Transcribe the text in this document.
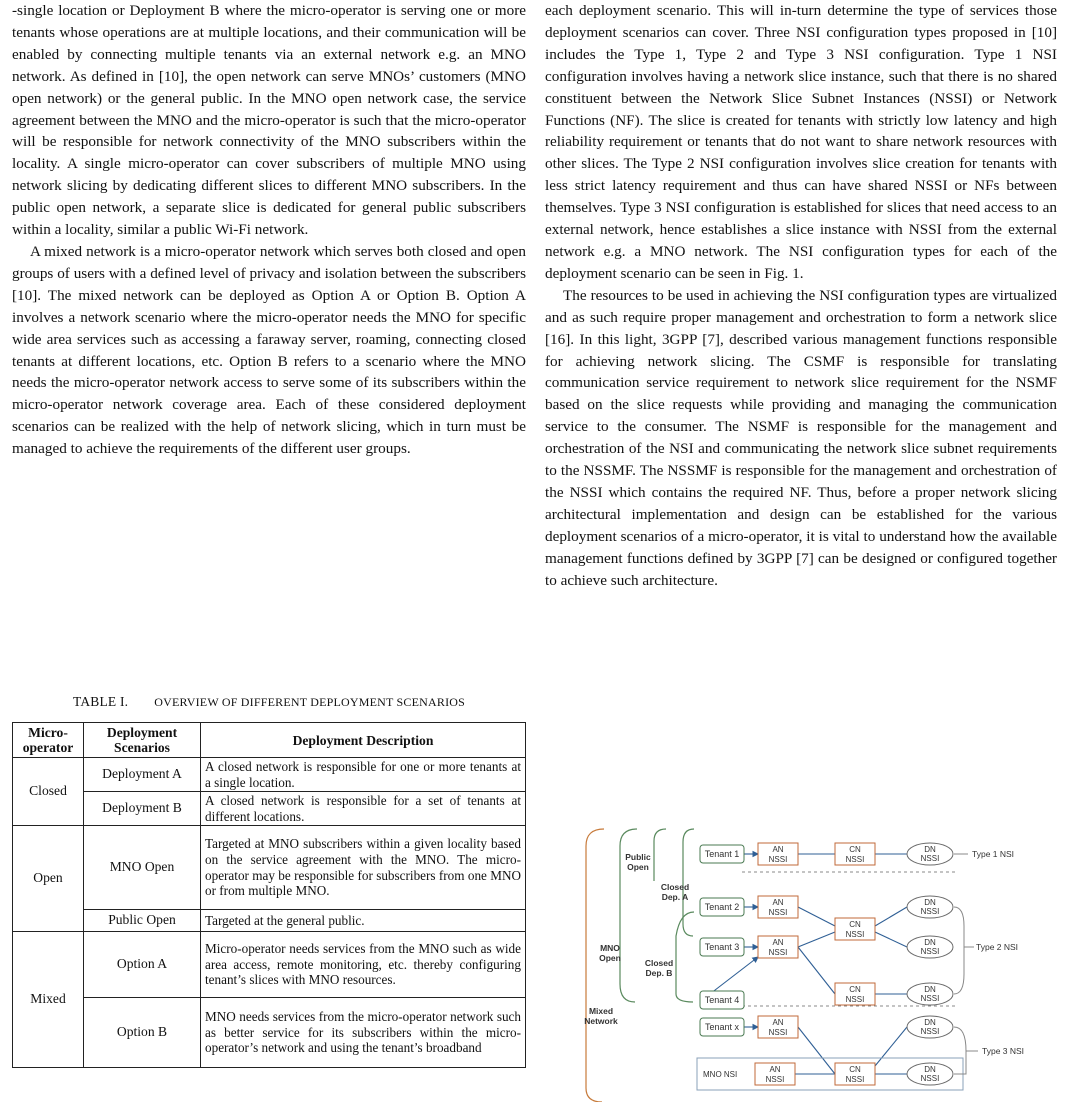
-single location or Deployment B where the micro-operator is serving one or more tenants whose operations are at multiple locations, and their communication will be enabled by connecting multiple tenants via an external network e.g. an MNO network. As defined in [10], the open network can serve MNOs’ customers (MNO open network) or the general public. In the MNO open network case, the service agreement between the MNO and the micro-operator is such that the micro-operator will be responsible for network connectivity of the MNO subscribers within the locality. A single micro-operator can cover subscribers of multiple MNO using network slicing by dedicating different slices to different MNO subscribers. In the public open network, a separate slice is dedicated for general public subscribers within a locality, similar a public Wi-Fi network.

A mixed network is a micro-operator network which serves both closed and open groups of users with a defined level of privacy and isolation between the subscribers [10]. The mixed network can be deployed as Option A or Option B. Option A involves a network scenario where the micro-operator needs the MNO for specific wide area services such as accessing a faraway server, roaming, connecting closed tenants at different locations, etc. Option B refers to a scenario where the MNO needs the micro-operator network access to serve some of its subscribers within the micro-operator network coverage area. Each of these considered deployment scenarios can be realized with the help of network slicing, which in turn must be managed to achieve the requirements of the different user groups.

TABLE I. OVERVIEW OF DIFFERENT DEPLOYMENT SCENARIOS
Micro-operator	Deployment Scenarios	Deployment Description
Closed	Deployment A	A closed network is responsible for one or more tenants at a single location.
	Deployment B	A closed network is responsible for a set of tenants at different locations.
Open	MNO Open	Targeted at MNO subscribers within a given locality based on the service agreement with the MNO. The micro-operator may be responsible for subscribers from one MNO or from multiple MNO.
	Public Open	Targeted at the general public.
Mixed	Option A	Micro-operator needs services from the MNO such as wide area access, remote monitoring, etc. thereby configuring tenant’s slices with MNO resources.
	Option B	MNO needs services from the micro-operator network such as better service for its subscribers within the micro-operator’s network and using the tenant’s broadband

each deployment scenario. This will in-turn determine the type of services those deployment scenarios can cover. Three NSI configuration types proposed in [10] includes the Type 1, Type 2 and Type 3 NSI configuration. Type 1 NSI configuration involves having a network slice instance, such that there is no shared constituent between the Network Slice Subnet Instances (NSSI) or Network Functions (NF). The slice is created for tenants with strictly low latency and high reliability requirement or tenants that do not want to share network resources with other slices. The Type 2 NSI configuration involves slice creation for tenants with less strict latency requirement and thus can have shared NSSI or NFs between themselves. Type 3 NSI configuration is established for slices that need access to an external network, hence establishes a slice instance with NSSI from the external network e.g. a MNO network. The NSI configuration types for each of the deployment scenario can be seen in Fig. 1.

The resources to be used in achieving the NSI configuration types are virtualized and as such require proper management and orchestration to form a network slice [16]. In this light, 3GPP [7], described various management functions responsible for achieving network slicing. The CSMF is responsible for translating communication service requirement to network slice requirement for the NSMF based on the slice requests while providing and managing the communication service to the consumer. The NSMF is responsible for the management and orchestration of the NSI and communicating the network slice subnet requirements to the NSSMF. The NSSMF is responsible for the management and orchestration of the NSSI which contains the required NF. Thus, before a proper network slicing architectural implementation and design can be established for the various deployment scenarios of a micro-operator, it is vital to understand how the available management functions defined by 3GPP [7] can be designed or configured together to achieve such architecture.

Public
Open
Closed
Dep. A
MNO
Open	Closed
Dep. B
Mixed
Network
MNO NSI
Tenant 1
Tenant 2
Tenant 3
Tenant 4
Tenant x
AN
NSSI
AN
NSSI
AN
NSSI
AN
NSSI
AN
NSSI
CN
NSSI
CN
NSSI
CN
NSSI
CN
NSSI
DN
NSSI
DN
NSSI
DN
NSSI
DN
NSSI
DN
NSSI
DN
NSSI
Type 1 NSI
Type 2 NSI
Type 3 NSI
